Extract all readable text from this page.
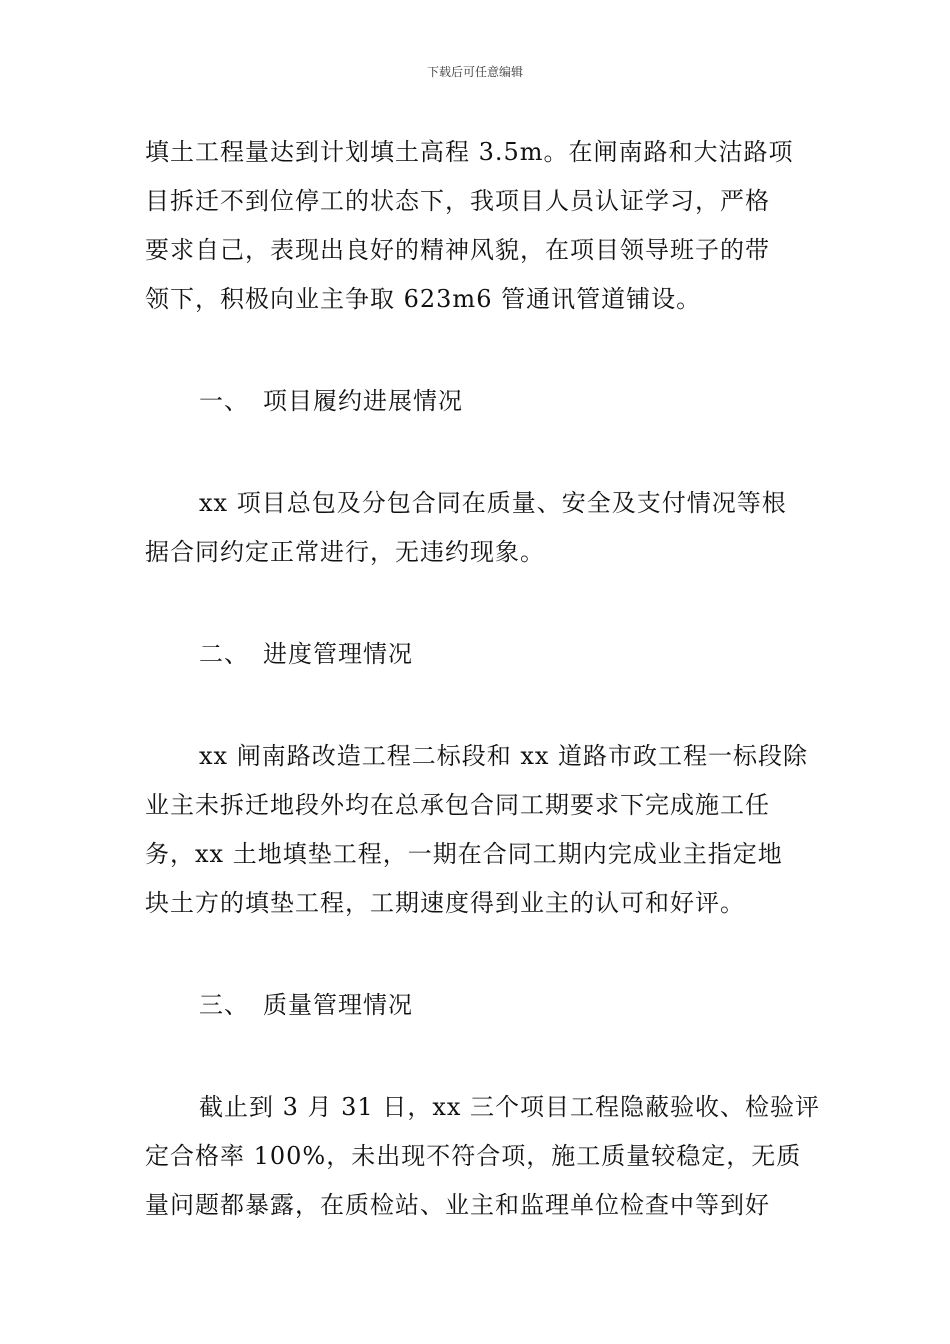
下载后可任意编辑

填土工程量达到计划填土高程 3.5m。在闸南路和大沽路项
目拆迁不到位停工的状态下，我项目人员认证学习，严格
要求自己，表现出良好的精神风貌，在项目领导班子的带
领下，积极向业主争取 623m6 管通讯管道铺设。

一、 项目履约进展情况

xx 项目总包及分包合同在质量、安全及支付情况等根
据合同约定正常进行，无违约现象。

二、 进度管理情况

xx 闸南路改造工程二标段和 xx 道路市政工程一标段除
业主未拆迁地段外均在总承包合同工期要求下完成施工任
务，xx 土地填垫工程，一期在合同工期内完成业主指定地
块土方的填垫工程，工期速度得到业主的认可和好评。

三、 质量管理情况

截止到 3 月 31 日，xx 三个项目工程隐蔽验收、检验评
定合格率 100%，未出现不符合项，施工质量较稳定，无质
量问题都暴露，在质检站、业主和监理单位检查中等到好
